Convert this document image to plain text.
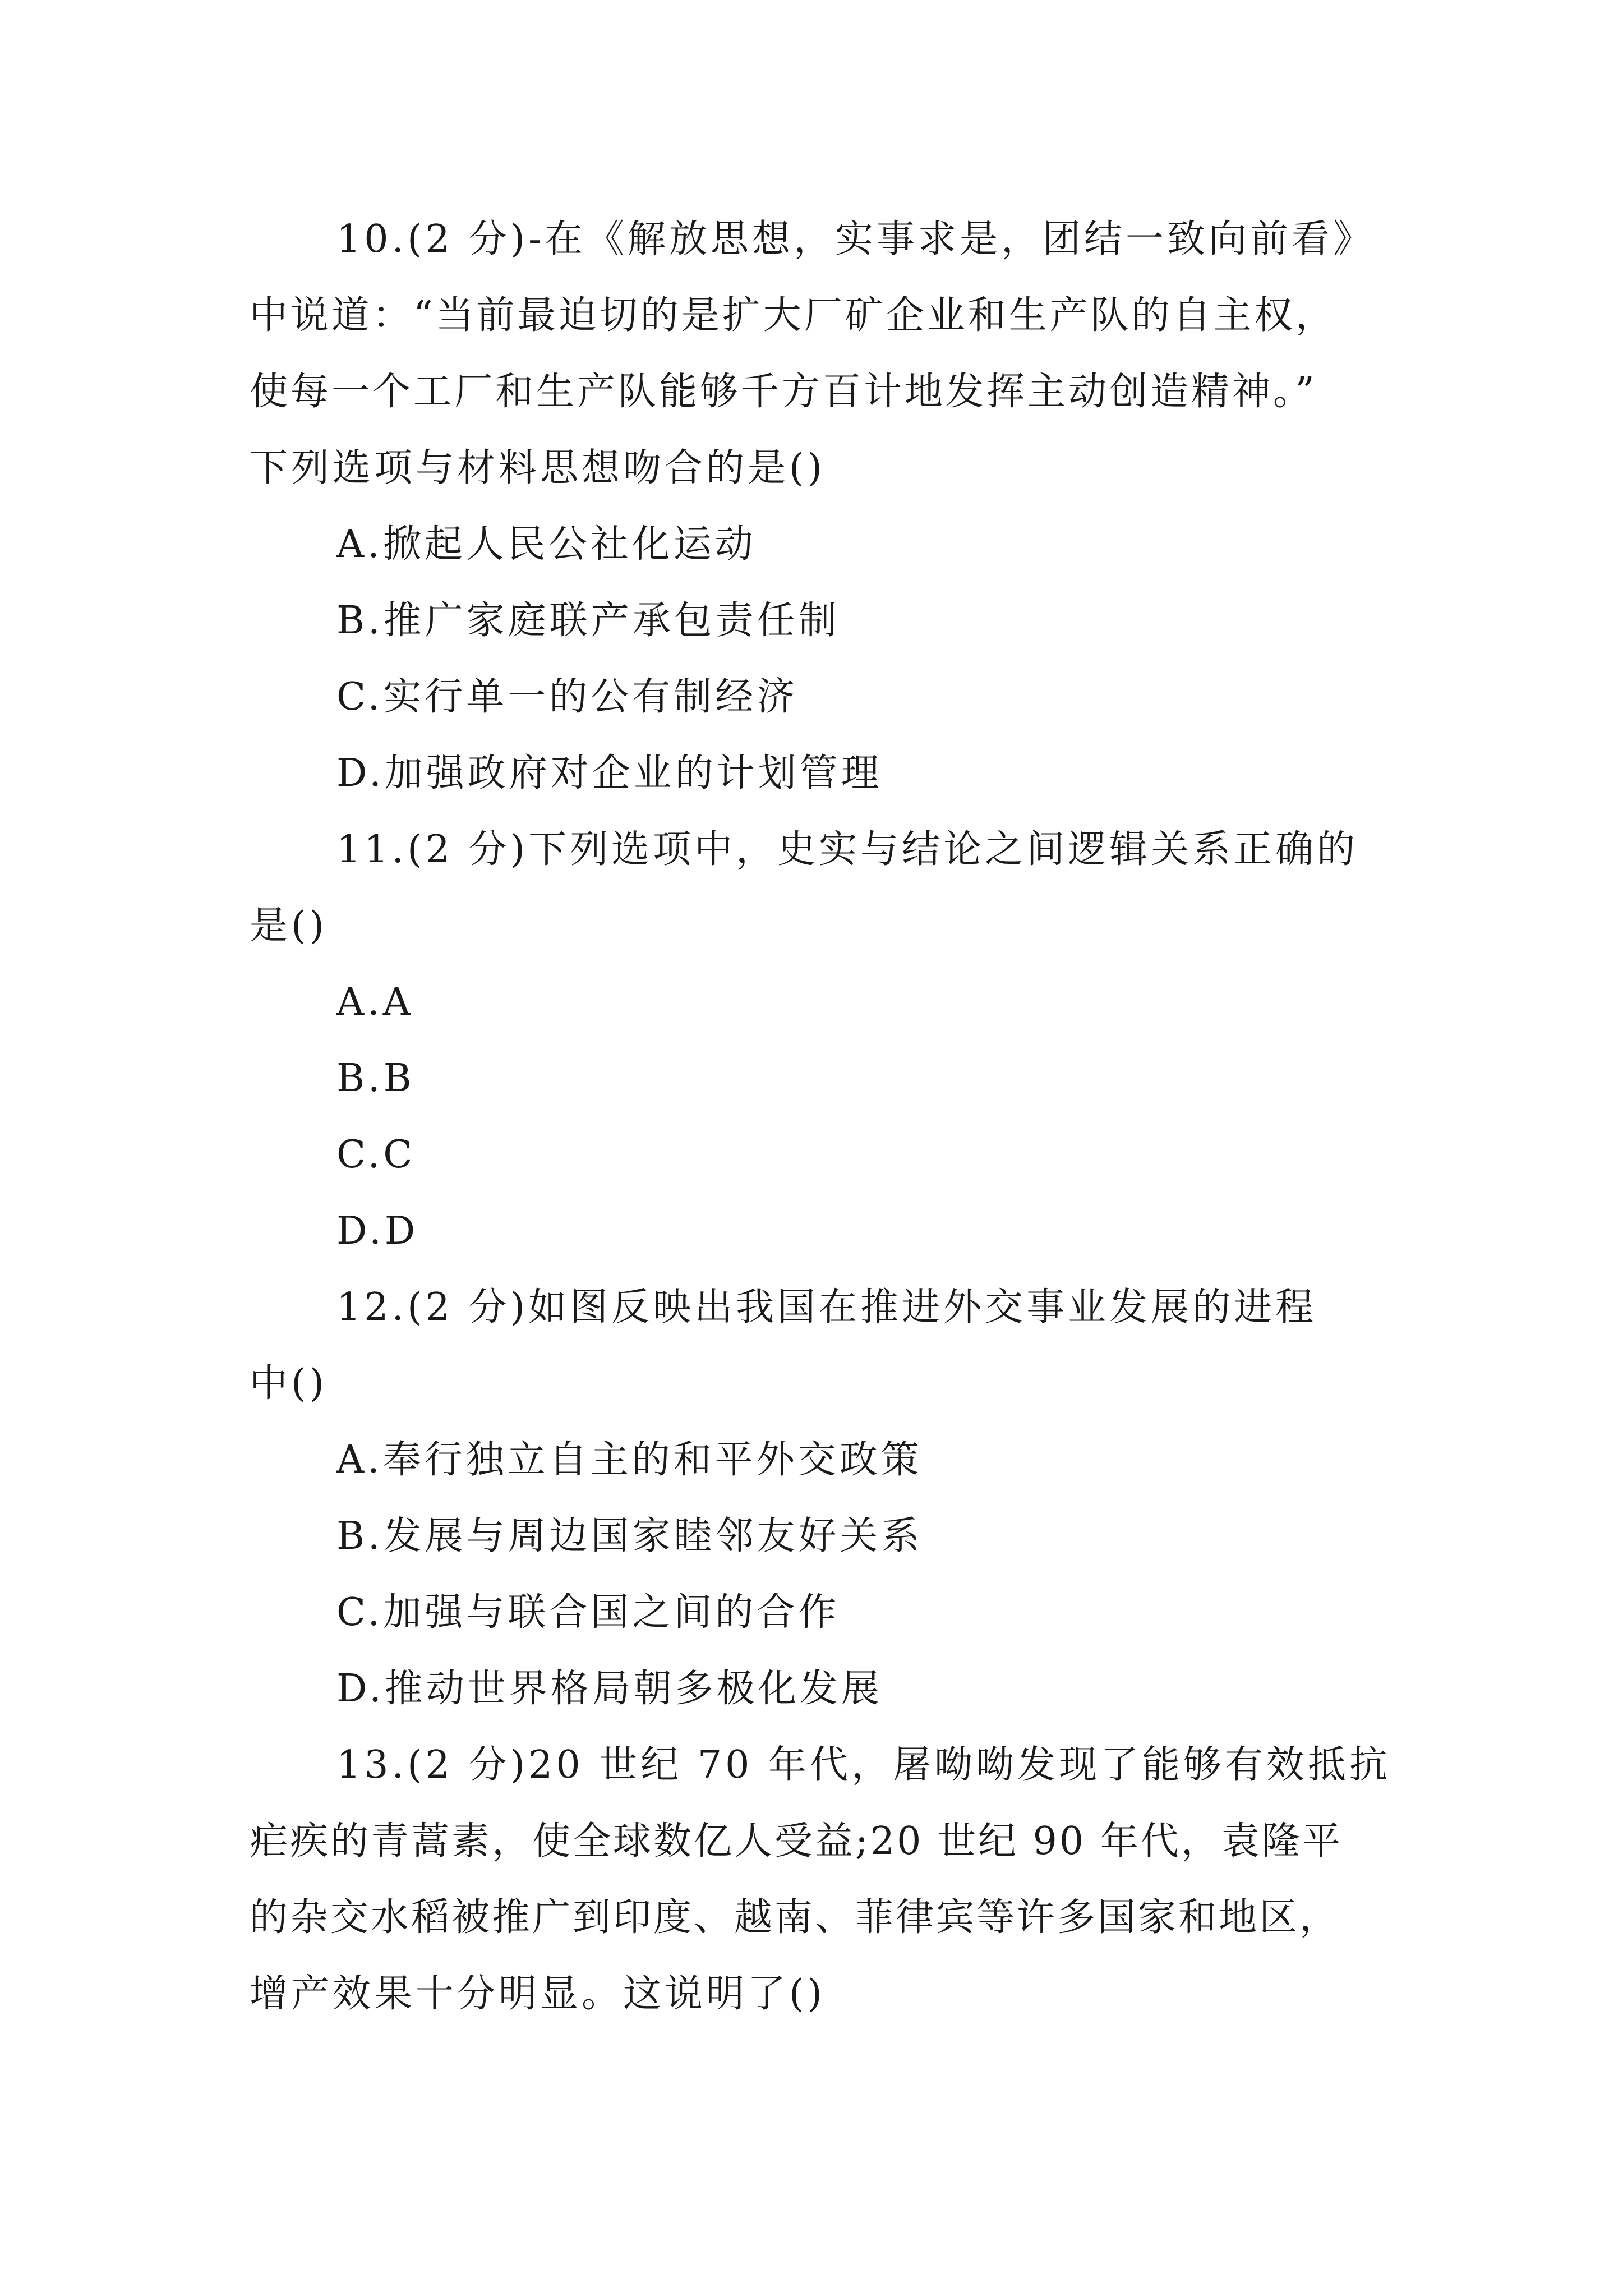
10.(2 分)-在《解放思想，实事求是，团结一致向前看》
中说道：“当前最迫切的是扩大厂矿企业和生产队的自主权，
使每一个工厂和生产队能够千方百计地发挥主动创造精神。”
下列选项与材料思想吻合的是()
A.掀起人民公社化运动
B.推广家庭联产承包责任制
C.实行单一的公有制经济
D.加强政府对企业的计划管理
11.(2 分)下列选项中，史实与结论之间逻辑关系正确的
是()
A.A
B.B
C.C
D.D
12.(2 分)如图反映出我国在推进外交事业发展的进程
中()
A.奉行独立自主的和平外交政策
B.发展与周边国家睦邻友好关系
C.加强与联合国之间的合作
D.推动世界格局朝多极化发展
13.(2 分)20 世纪 70 年代，屠呦呦发现了能够有效抵抗
疟疾的青蒿素，使全球数亿人受益;20 世纪 90 年代，袁隆平
的杂交水稻被推广到印度、越南、菲律宾等许多国家和地区，
增产效果十分明显。这说明了()
